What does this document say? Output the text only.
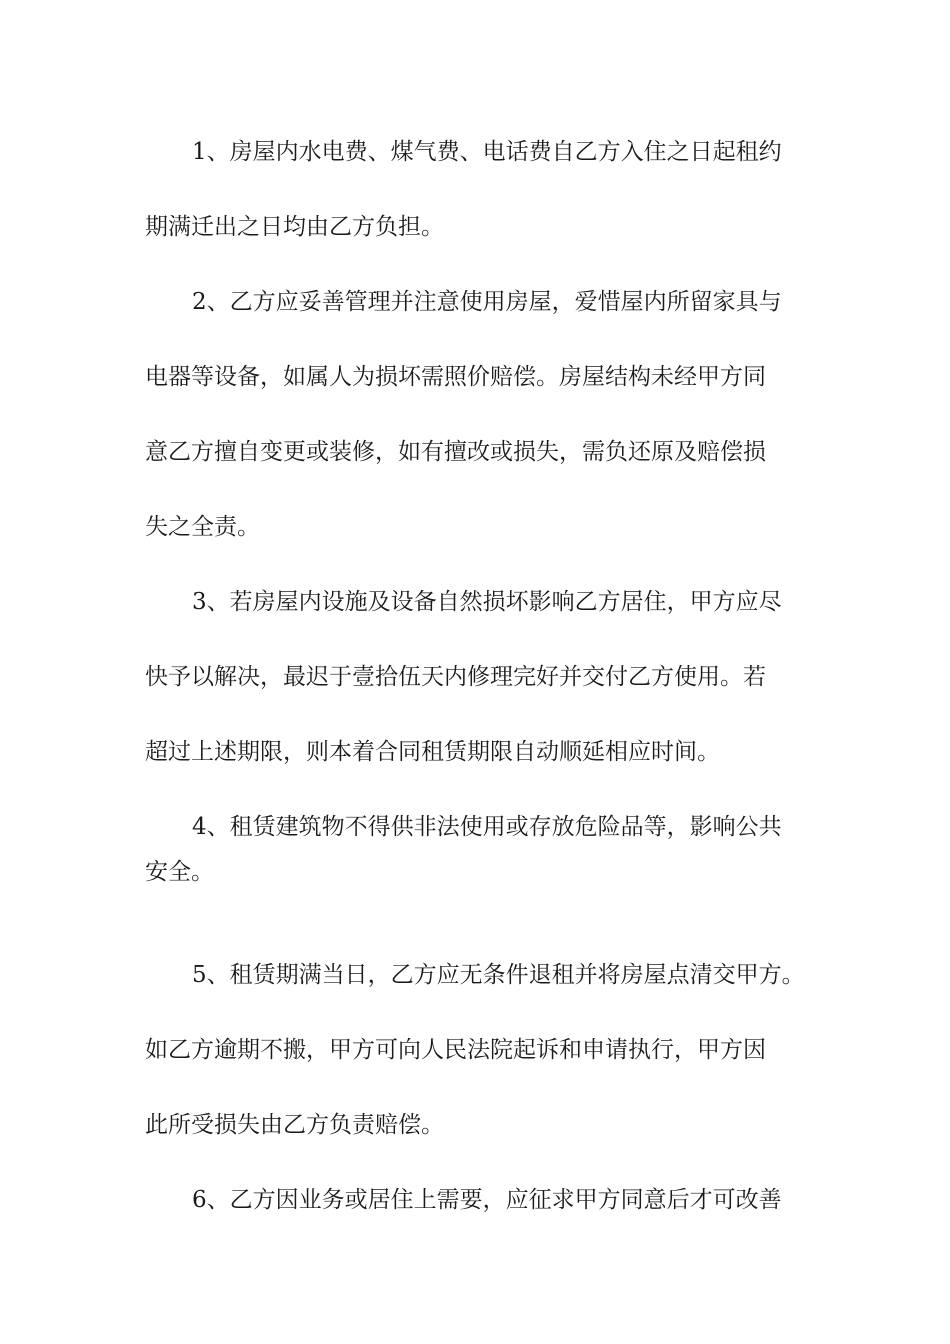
1、房屋内水电费、煤气费、电话费自乙方入住之日起租约
期满迁出之日均由乙方负担。
2、乙方应妥善管理并注意使用房屋，爱惜屋内所留家具与
电器等设备，如属人为损坏需照价赔偿。房屋结构未经甲方同
意乙方擅自变更或装修，如有擅改或损失，需负还原及赔偿损
失之全责。
3、若房屋内设施及设备自然损坏影响乙方居住，甲方应尽
快予以解决，最迟于壹拾伍天内修理完好并交付乙方使用。若
超过上述期限，则本着合同租赁期限自动顺延相应时间。
4、租赁建筑物不得供非法使用或存放危险品等，影响公共
安全。
5、租赁期满当日，乙方应无条件退租并将房屋点清交甲方。
如乙方逾期不搬，甲方可向人民法院起诉和申请执行，甲方因
此所受损失由乙方负责赔偿。
6、乙方因业务或居住上需要，应征求甲方同意后才可改善
